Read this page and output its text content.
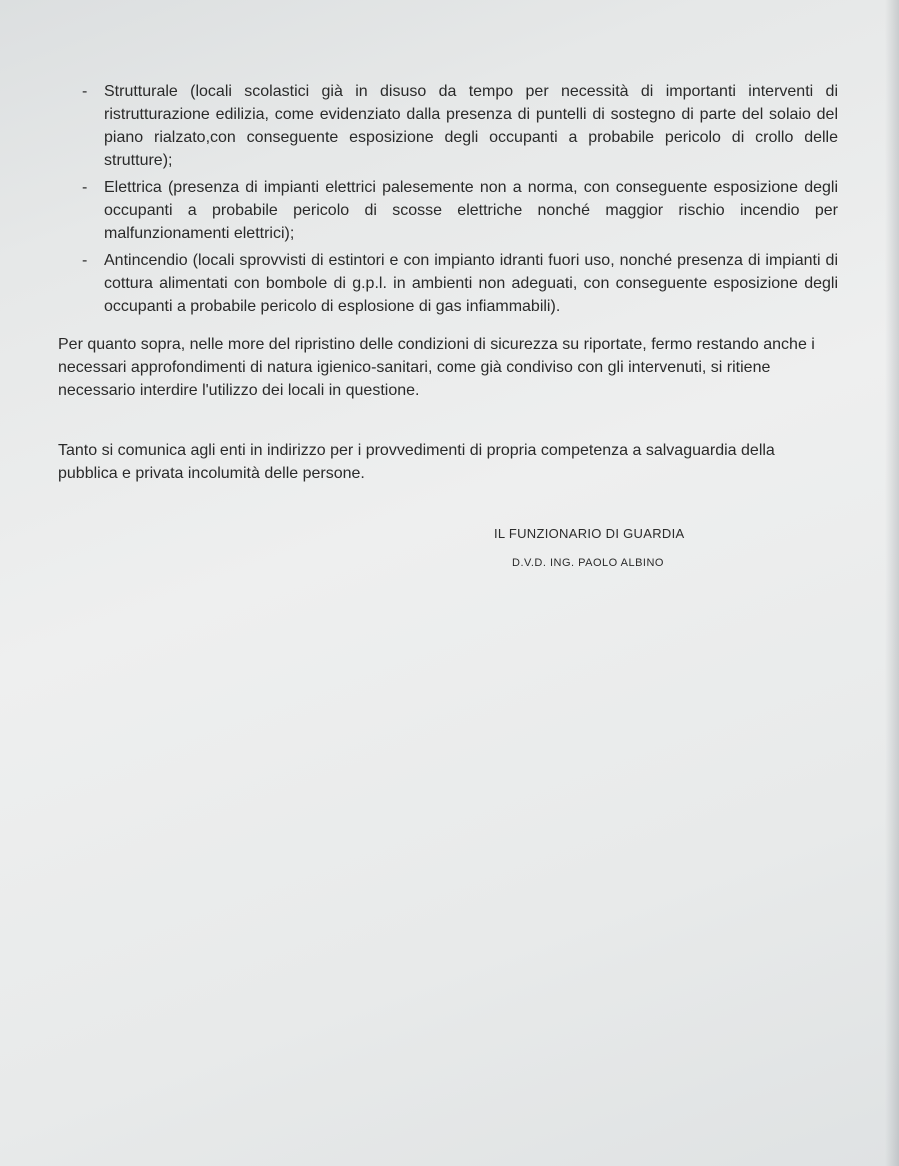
- Strutturale (locali scolastici già in disuso da tempo per necessità di importanti interventi di ristrutturazione edilizia, come evidenziato dalla presenza di puntelli di sostegno di parte del solaio del piano rialzato,con conseguente esposizione degli occupanti a probabile pericolo di crollo delle strutture);
- Elettrica (presenza di impianti elettrici palesemente non a norma, con conseguente esposizione degli occupanti a probabile pericolo di scosse elettriche nonché maggior rischio incendio per malfunzionamenti elettrici);
- Antincendio (locali sprovvisti di estintori e con impianto idranti fuori uso, nonché presenza di impianti di cottura alimentati con bombole di g.p.l. in ambienti non adeguati, con conseguente esposizione degli occupanti a probabile pericolo di esplosione di gas infiammabili).

Per quanto sopra, nelle more del ripristino delle condizioni di sicurezza su riportate, fermo restando anche i necessari approfondimenti di natura igienico-sanitari, come già condiviso con gli intervenuti, si ritiene necessario interdire l'utilizzo dei locali in questione.

Tanto si comunica agli enti in indirizzo per i provvedimenti di propria competenza a salvaguardia della pubblica e privata incolumità delle persone.

IL FUNZIONARIO DI GUARDIA
D.V.D. ING. PAOLO ALBINO
